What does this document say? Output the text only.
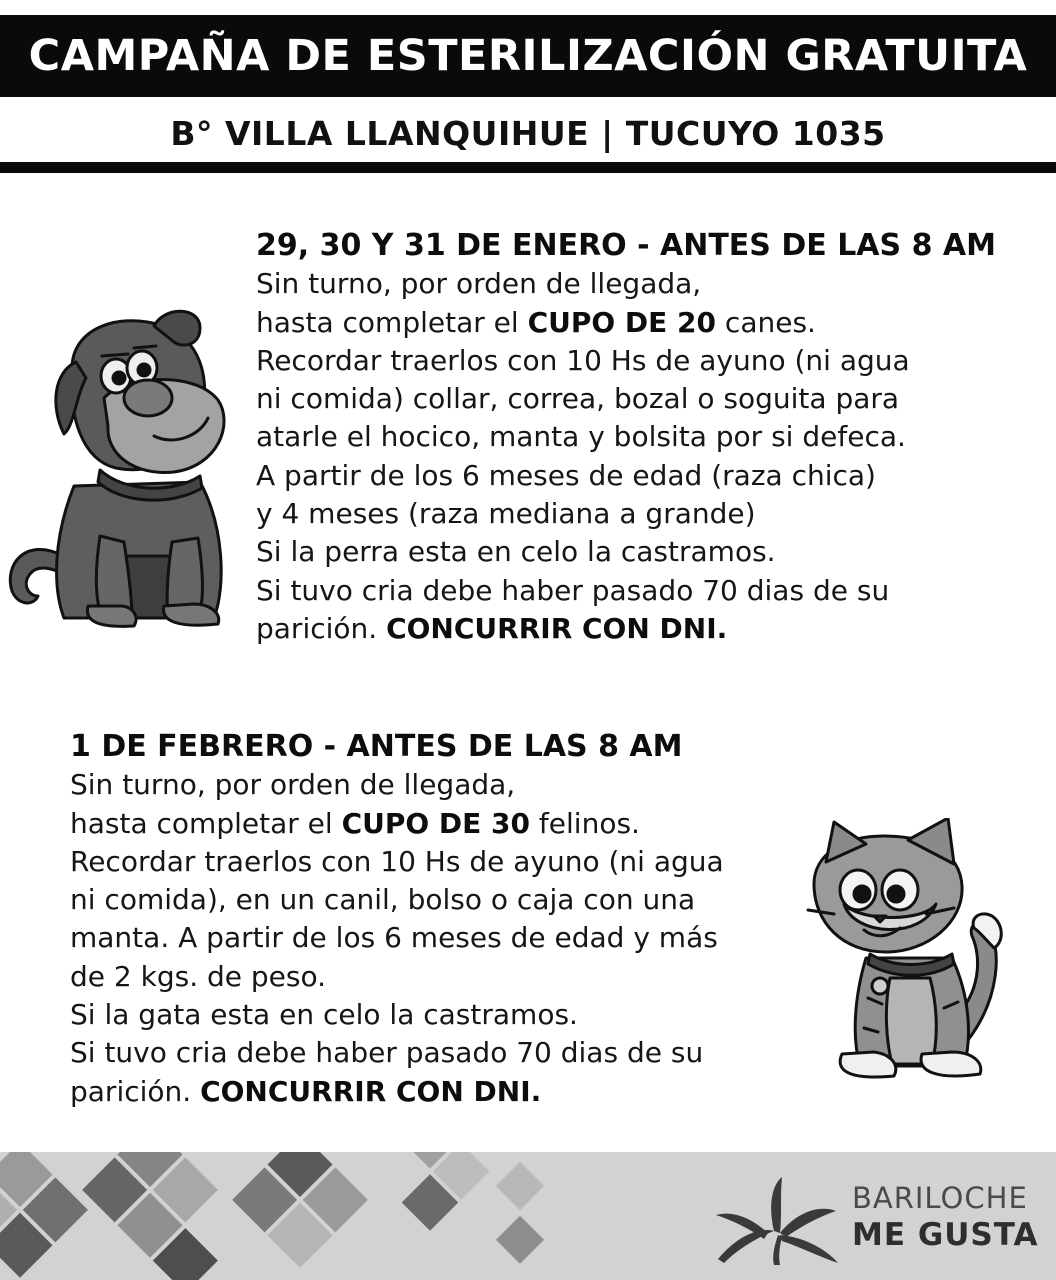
CAMPAÑA DE ESTERILIZACIÓN GRATUITA
B° VILLA LLANQUIHUE | TUCUYO 1035
29, 30 Y 31 DE ENERO - ANTES DE LAS 8 AM
Sin turno, por orden de llegada,
hasta completar el CUPO DE 20 canes.
Recordar traerlos con 10 Hs de ayuno (ni agua
ni comida) collar, correa, bozal o soguita para
atarle el hocico, manta y bolsita por si defeca.
A partir de los 6 meses de edad (raza chica)
y 4 meses (raza mediana a grande)
Si la perra esta en celo la castramos.
Si tuvo cria debe haber pasado 70 dias de su
parición. CONCURRIR CON DNI.
1 DE FEBRERO - ANTES DE LAS 8 AM
Sin turno, por orden de llegada,
hasta completar el CUPO DE 30 felinos.
Recordar traerlos con 10 Hs de ayuno (ni agua
ni comida), en un canil, bolso o caja con una
manta. A partir de los 6 meses de edad y más
de 2 kgs. de peso.
Si la gata esta en celo la castramos.
Si tuvo cria debe haber pasado 70 dias de su
parición. CONCURRIR CON DNI.
BARILOCHE
ME GUSTA
